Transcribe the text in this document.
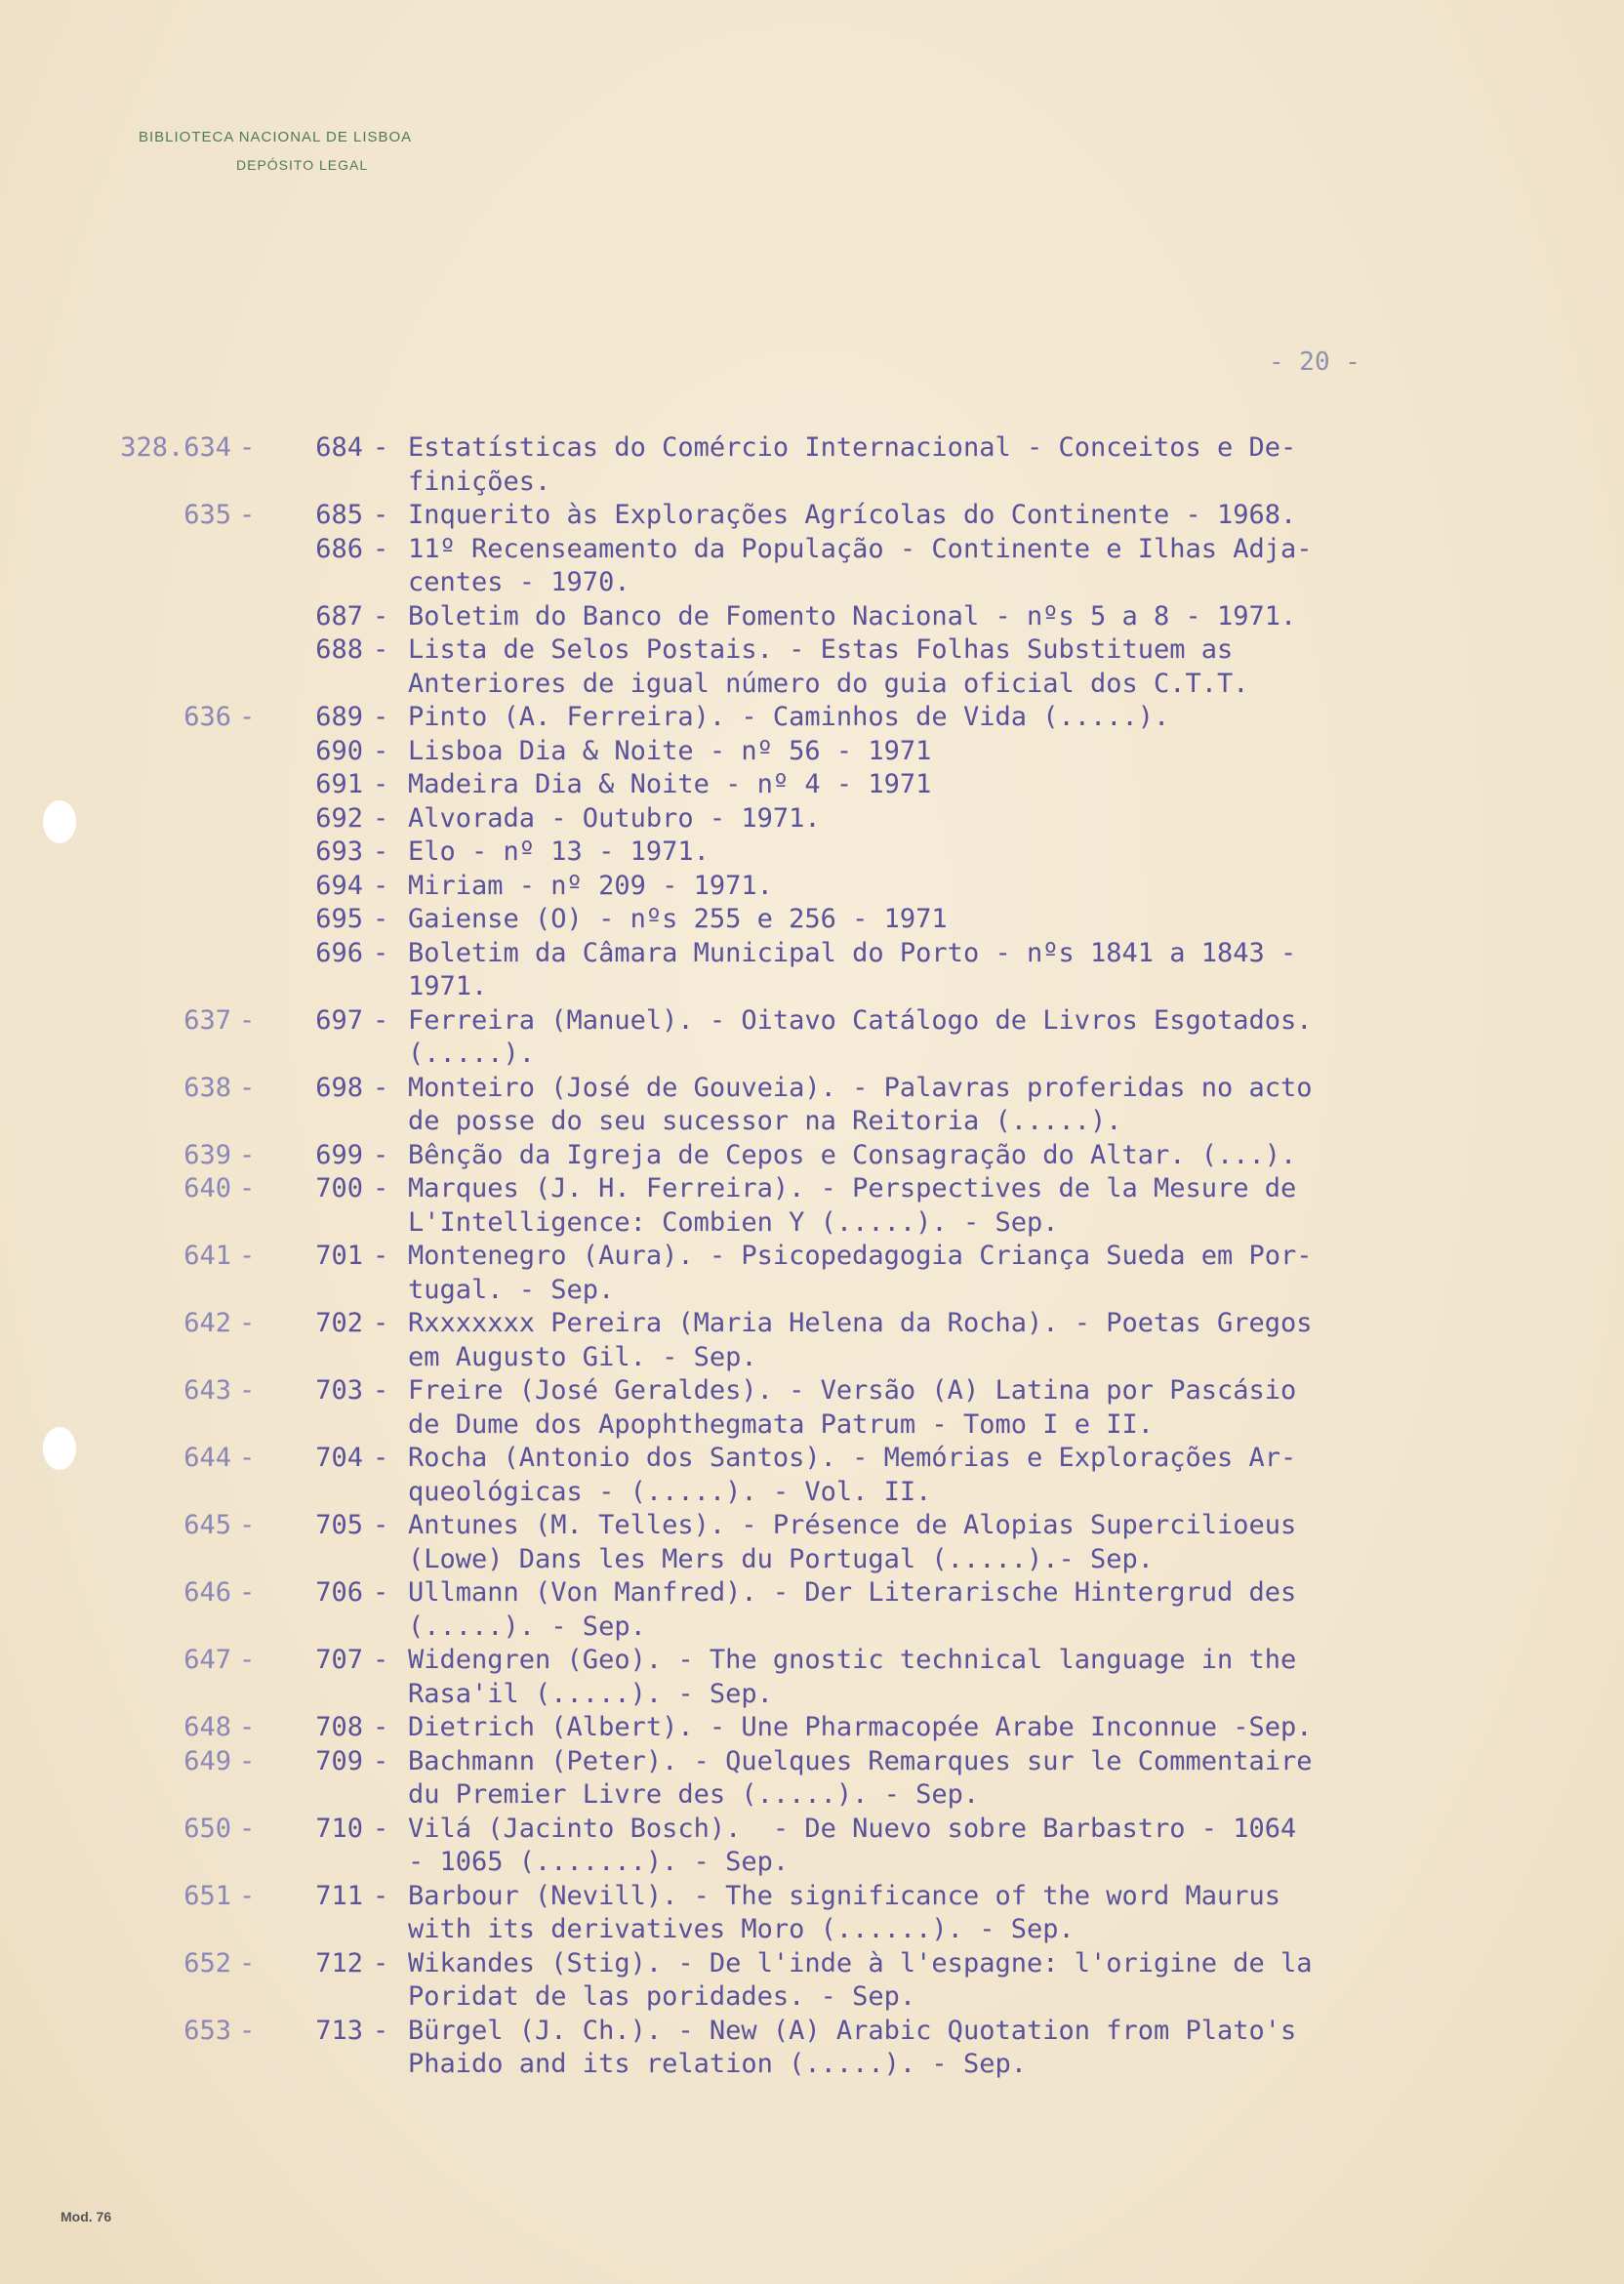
BIBLIOTECA NACIONAL DE LISBOA
DEPÓSITO LEGAL
- 20 -
328.634 - 684 - Estatísticas do Comércio Internacional - Conceitos e De-
finições.
635 - 685 - Inquerito às Explorações Agrícolas do Continente - 1968.
686 - 11º Recenseamento da População - Continente e Ilhas Adja-
centes - 1970.
687 - Boletim do Banco de Fomento Nacional - nºs 5 a 8 - 1971.
688 - Lista de Selos Postais. - Estas Folhas Substituem as
Anteriores de igual número do guia oficial dos C.T.T.
636 - 689 - Pinto (A. Ferreira). - Caminhos de Vida (.....).
690 - Lisboa Dia & Noite - nº 56 - 1971
691 - Madeira Dia & Noite - nº 4 - 1971
692 - Alvorada - Outubro - 1971.
693 - Elo - nº 13 - 1971.
694 - Miriam - nº 209 - 1971.
695 - Gaiense (O) - nºs 255 e 256 - 1971
696 - Boletim da Câmara Municipal do Porto - nºs 1841 a 1843 -
1971.
637 - 697 - Ferreira (Manuel). - Oitavo Catálogo de Livros Esgotados.
(.....).
638 - 698 - Monteiro (José de Gouveia). - Palavras proferidas no acto
de posse do seu sucessor na Reitoria (.....).
639 - 699 - Bênção da Igreja de Cepos e Consagração do Altar. (...).
640 - 700 - Marques (J. H. Ferreira). - Perspectives de la Mesure de
L'Intelligence: Combien Y (.....). - Sep.
641 - 701 - Montenegro (Aura). - Psicopedagogia Criança Sueda em Por-
tugal. - Sep.
642 - 702 - Rxxxxxxx Pereira (Maria Helena da Rocha). - Poetas Gregos
em Augusto Gil. - Sep.
643 - 703 - Freire (José Geraldes). - Versão (A) Latina por Pascásio
de Dume dos Apophthegmata Patrum - Tomo I e II.
644 - 704 - Rocha (Antonio dos Santos). - Memórias e Explorações Ar-
queológicas - (.....). - Vol. II.
645 - 705 - Antunes (M. Telles). - Présence de Alopias Supercilioeus
(Lowe) Dans les Mers du Portugal (.....).- Sep.
646 - 706 - Ullmann (Von Manfred). - Der Literarische Hintergrud des
(.....). - Sep.
647 - 707 - Widengren (Geo). - The gnostic technical language in the
Rasa'il (.....). - Sep.
648 - 708 - Dietrich (Albert). - Une Pharmacopée Arabe Inconnue -Sep.
649 - 709 - Bachmann (Peter). - Quelques Remarques sur le Commentaire
du Premier Livre des (.....). - Sep.
650 - 710 - Vilá (Jacinto Bosch).  - De Nuevo sobre Barbastro - 1064
- 1065 (.......). - Sep.
651 - 711 - Barbour (Nevill). - The significance of the word Maurus
with its derivatives Moro (......). - Sep.
652 - 712 - Wikandes (Stig). - De l'inde à l'espagne: l'origine de la
Poridat de las poridades. - Sep.
653 - 713 - Bürgel (J. Ch.). - New (A) Arabic Quotation from Plato's
Phaido and its relation (.....). - Sep.
Mod. 76
